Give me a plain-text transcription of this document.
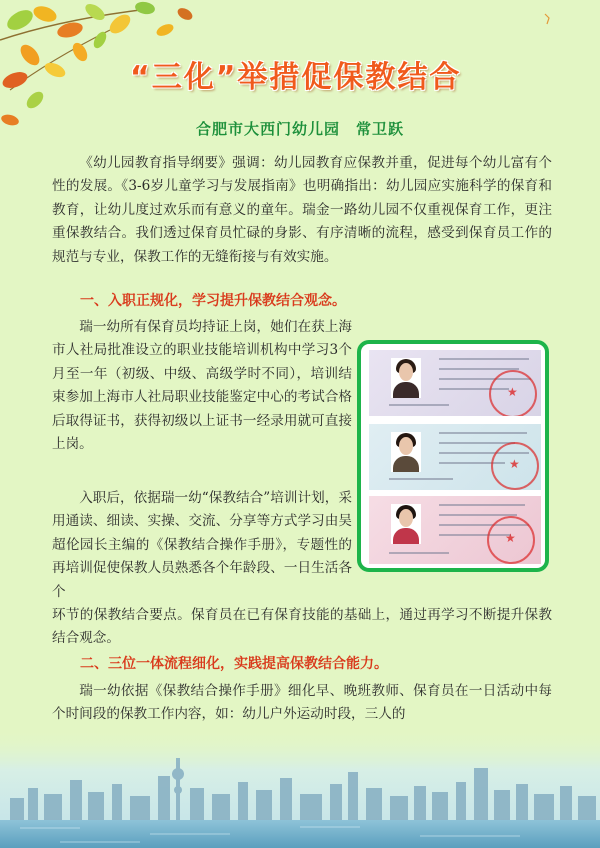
“三化”举措促保教结合
合肥市大西门幼儿园　常卫跃
《幼儿园教育指导纲要》强调：幼儿园教育应保教并重，促进每个幼儿富有个性的发展。《3-6岁儿童学习与发展指南》也明确指出：幼儿园应实施科学的保育和教育，让幼儿度过欢乐而有意义的童年。瑞金一路幼儿园不仅重视保育工作，更注重保教结合。我们透过保育员忙碌的身影、有序清晰的流程，感受到保育员工作的规范与专业，保教工作的无缝衔接与有效实施。
一、入职正规化，学习提升保教结合观念。
瑞一幼所有保育员均持证上岗，她们在获上海市人社局批准设立的职业技能培训机构中学习3个月至一年（初级、中级、高级学时不同），培训结束参加上海市人社局职业技能鉴定中心的考试合格后取得证书，获得初级以上证书一经录用就可直接上岗。
入职后，依据瑞一幼“保教结合”培训计划，采用通读、细读、实操、交流、分享等方式学习由吴超伦园长主编的《保教结合操作手册》，专题性的再培训促使保教人员熟悉各个年龄段、一日生活各个
环节的保教结合要点。保育员在已有保育技能的基础上，通过再学习不断提升保教结合观念。
★
★
★
二、三位一体流程细化，实践提高保教结合能力。
瑞一幼依据《保教结合操作手册》细化早、晚班教师、保育员在一日活动中每个时间段的保教工作内容，如：幼儿户外运动时段，三人的
